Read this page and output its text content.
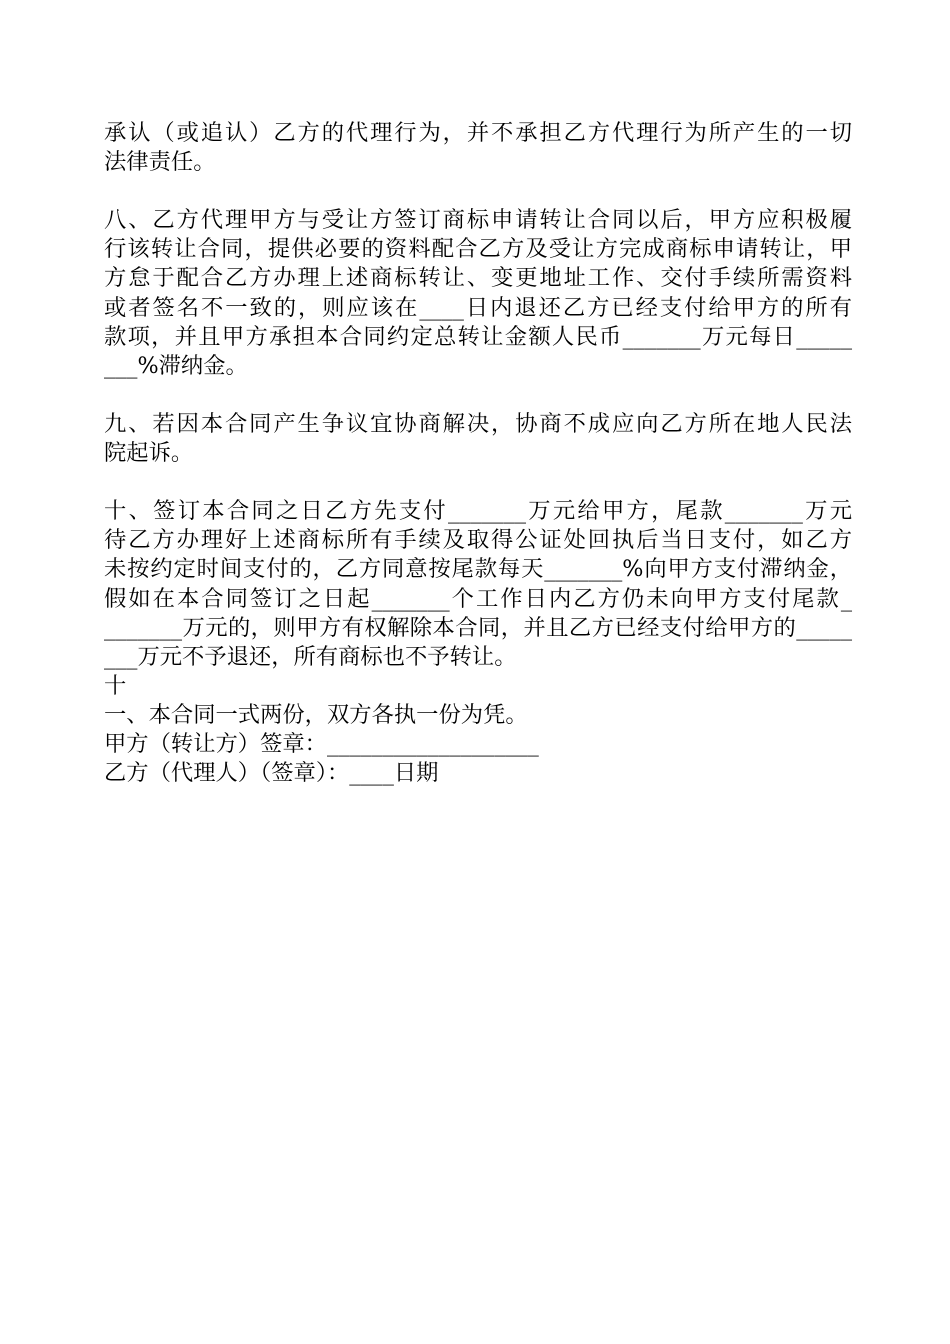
承认（或追认）乙方的代理行为，并不承担乙方代理行为所产生的一切
法律责任。
八、乙方代理甲方与受让方签订商标申请转让合同以后，甲方应积极履
行该转让合同，提供必要的资料配合乙方及受让方完成商标申请转让，甲
方怠于配合乙方办理上述商标转让、变更地址工作、交付手续所需资料
或者签名不一致的，则应该在____日内退还乙方已经支付给甲方的所有
款项，并且甲方承担本合同约定总转让金额人民币_______万元每日_____
___%滞纳金。
九、若因本合同产生争议宜协商解决，协商不成应向乙方所在地人民法
院起诉。
十、签订本合同之日乙方先支付_______万元给甲方，尾款_______万元
待乙方办理好上述商标所有手续及取得公证处回执后当日支付，如乙方
未按约定时间支付的，乙方同意按尾款每天_______%向甲方支付滞纳金，
假如在本合同签订之日起_______个工作日内乙方仍未向甲方支付尾款_
_______万元的，则甲方有权解除本合同，并且乙方已经支付给甲方的_____
___万元不予退还，所有商标也不予转让。
十
一、本合同一式两份，双方各执一份为凭。
甲方（转让方）签章：___________________
乙方（代理人）（签章）：____日期
